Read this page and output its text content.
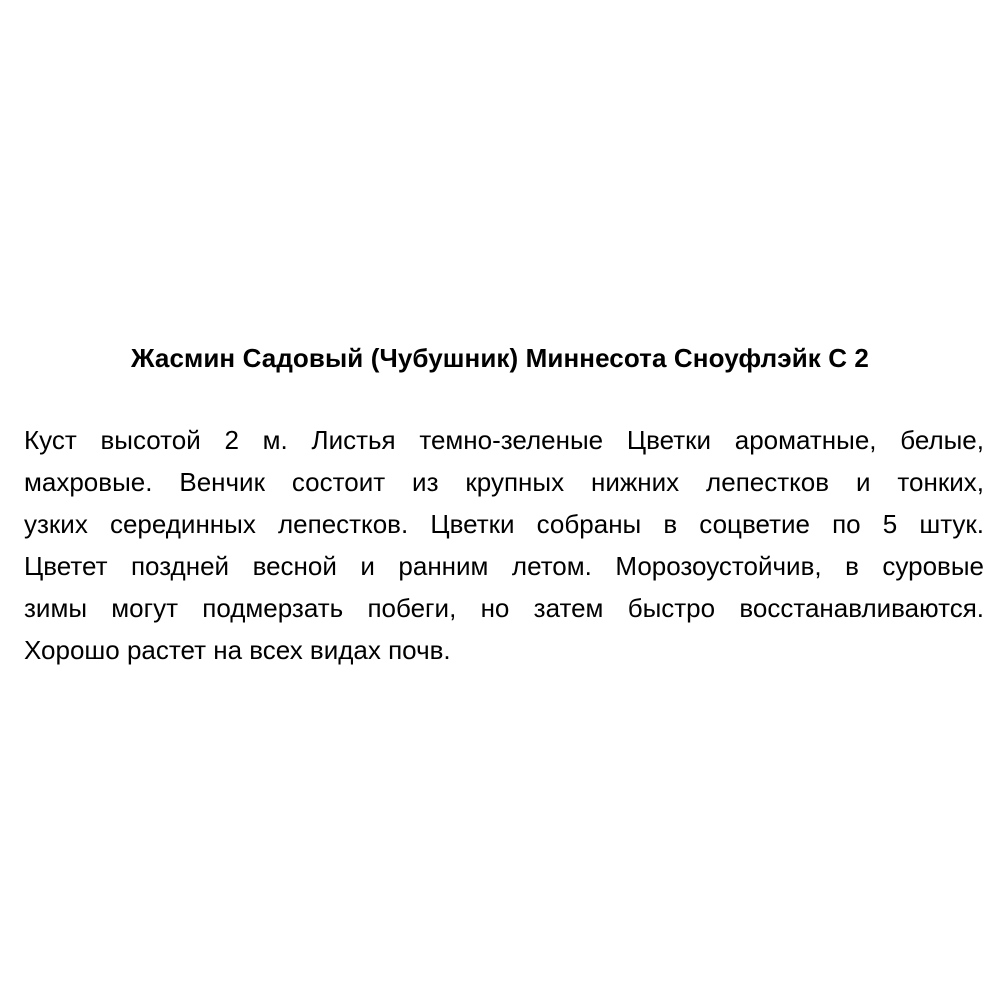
Жасмин Садовый (Чубушник) Миннесота Сноуфлэйк С 2
Куст высотой 2 м. Листья темно-зеленые Цветки ароматные, белые,
махровые. Венчик состоит из крупных нижних лепестков и тонких,
узких серединных лепестков. Цветки собраны в соцветие по 5 штук.
Цветет поздней весной и ранним летом. Морозоустойчив, в суровые
зимы могут подмерзать побеги, но затем быстро восстанавливаются.
Хорошо растет на всех видах почв.
